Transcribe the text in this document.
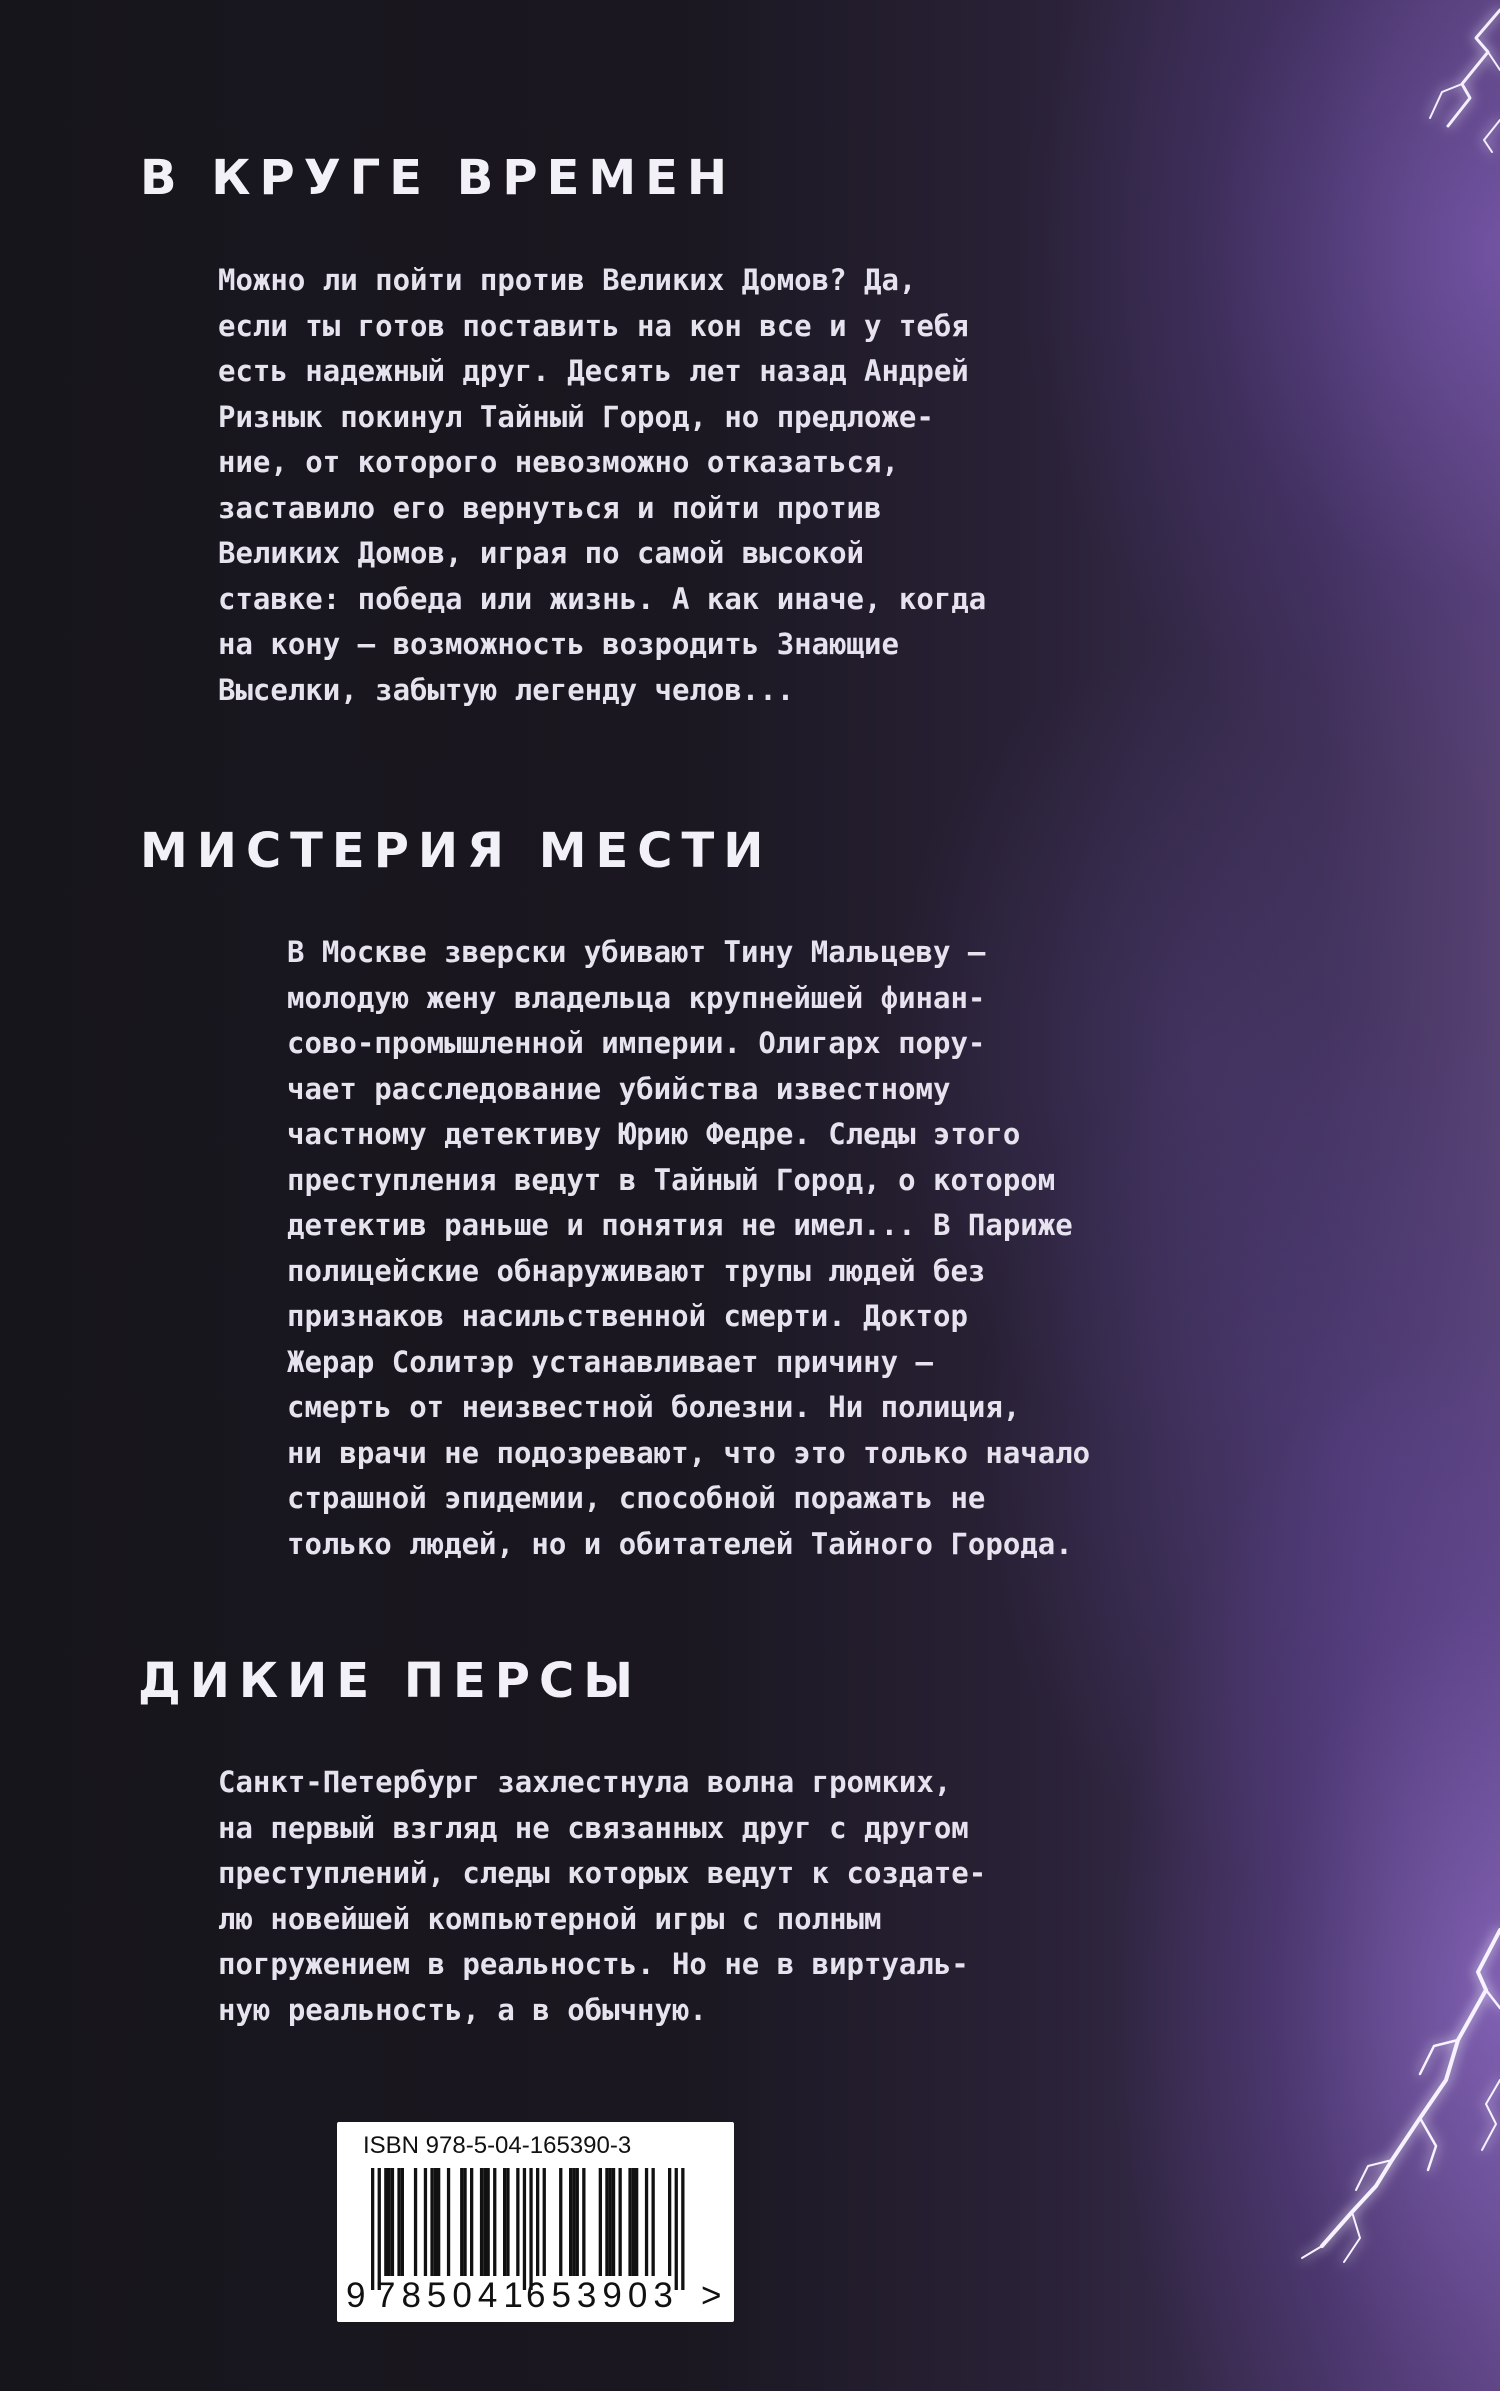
В КРУГЕ ВРЕМЕН
Можно ли пойти против Великих Домов? Да,
если ты готов поставить на кон все и у тебя
есть надежный друг. Десять лет назад Андрей
Ризнык покинул Тайный Город, но предложе-
ние, от которого невозможно отказаться,
заставило его вернуться и пойти против
Великих Домов, играя по самой высокой
ставке: победа или жизнь. А как иначе, когда
на кону — возможность возродить Знающие
Выселки, забытую легенду челов...
МИСТЕРИЯ МЕСТИ
В Москве зверски убивают Тину Мальцеву —
молодую жену владельца крупнейшей финан-
сово-промышленной империи. Олигарх пору-
чает расследование убийства известному
частному детективу Юрию Федре. Следы этого
преступления ведут в Тайный Город, о котором
детектив раньше и понятия не имел... В Париже
полицейские обнаруживают трупы людей без
признаков насильственной смерти. Доктор
Жерар Солитэр устанавливает причину —
смерть от неизвестной болезни. Ни полиция,
ни врачи не подозревают, что это только начало
страшной эпидемии, способной поражать не
только людей, но и обитателей Тайного Города.
ДИКИЕ ПЕРСЫ
Санкт-Петербург захлестнула волна громких,
на первый взгляд не связанных друг с другом
преступлений, следы которых ведут к создате-
лю новейшей компьютерной игры с полным
погружением в реальность. Но не в виртуаль-
ную реальность, а в обычную.
ISBN 978-5-04-165390-3
9 785041
653903 >
